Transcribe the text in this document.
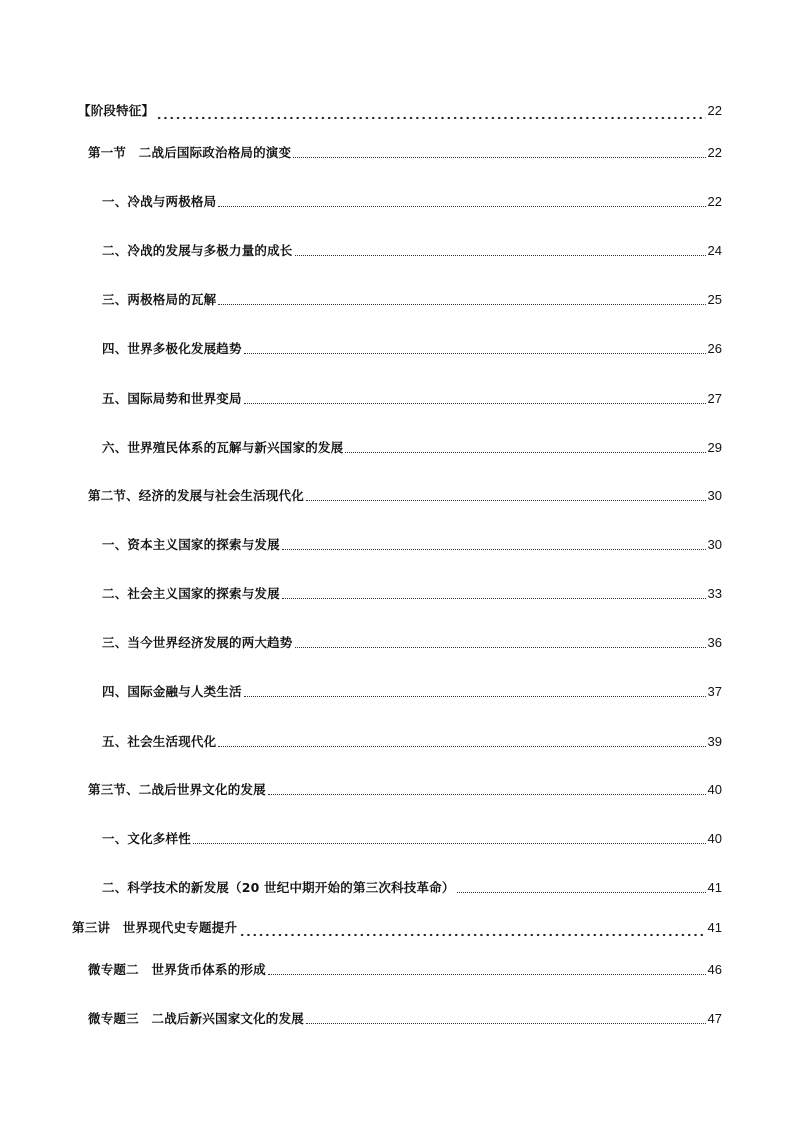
【阶段特征】	22
第一节　二战后国际政治格局的演变	22
一、冷战与两极格局	22
二、冷战的发展与多极力量的成长	24
三、两极格局的瓦解	25
四、世界多极化发展趋势	26
五、国际局势和世界变局	27
六、世界殖民体系的瓦解与新兴国家的发展	29
第二节、经济的发展与社会生活现代化	30
一、资本主义国家的探索与发展	30
二、社会主义国家的探索与发展	33
三、当今世界经济发展的两大趋势	36
四、国际金融与人类生活	37
五、社会生活现代化	39
第三节、二战后世界文化的发展	40
一、文化多样性	40
二、科学技术的新发展（20 世纪中期开始的第三次科技革命）	41
第三讲　世界现代史专题提升	41
微专题二　世界货币体系的形成	46
微专题三　二战后新兴国家文化的发展	47
